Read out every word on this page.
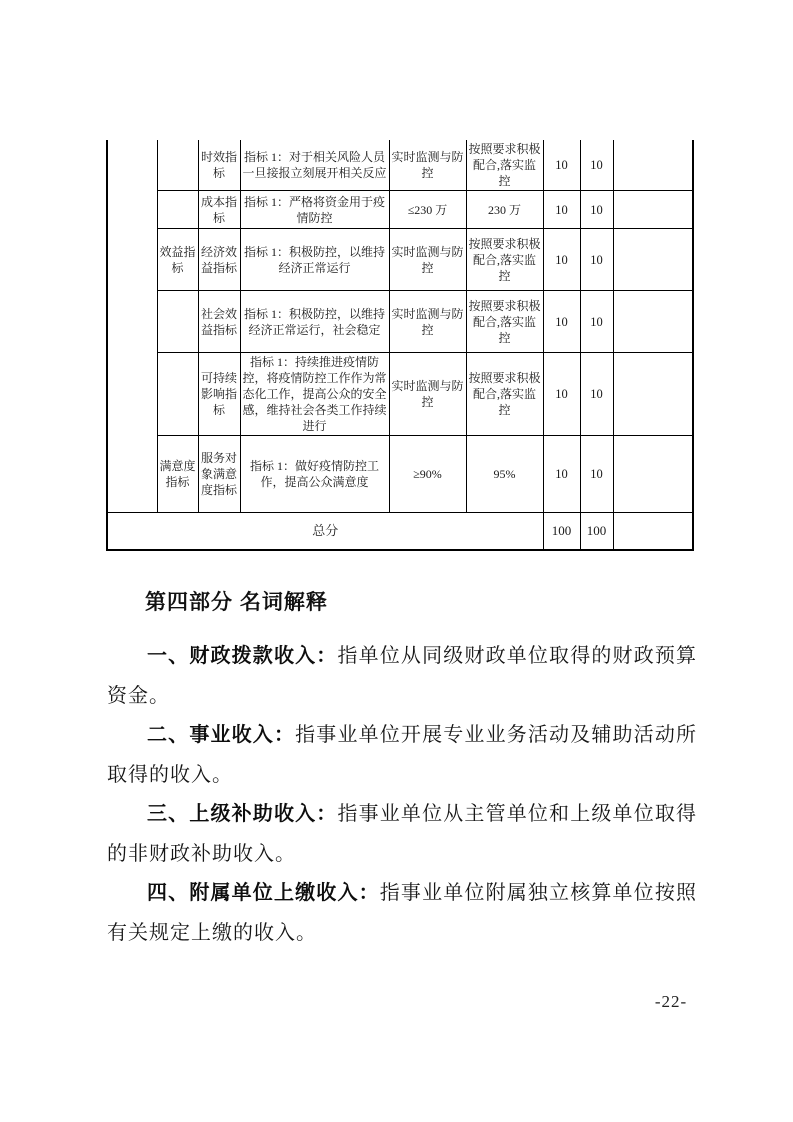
		时效指标	指标 1：对于相关风险人员一旦接报立刻展开相关反应	实时监测与防控	按照要求积极配合,落实监控	10	10	
		成本指标	指标 1：严格将资金用于疫情防控	≤230 万	230 万	10	10	
	效益指标	经济效益指标	指标 1：积极防控，以维持经济正常运行	实时监测与防控	按照要求积极配合,落实监控	10	10	
		社会效益指标	指标 1：积极防控，以维持经济正常运行，社会稳定	实时监测与防控	按照要求积极配合,落实监控	10	10	
		可持续影响指标	指标 1：持续推进疫情防控，将疫情防控工作作为常态化工作，提高公众的安全感，维持社会各类工作持续进行	实时监测与防控	按照要求积极配合,落实监控	10	10	
	满意度指标	服务对象满意度指标	指标 1：做好疫情防控工作，提高公众满意度	≥90%	95%	10	10	
总分						100	100	
第四部分 名词解释

一、财政拨款收入：指单位从同级财政单位取得的财政预算资金。

二、事业收入：指事业单位开展专业业务活动及辅助活动所取得的收入。

三、上级补助收入：指事业单位从主管单位和上级单位取得的非财政补助收入。

四、附属单位上缴收入：指事业单位附属独立核算单位按照有关规定上缴的收入。

-22-
